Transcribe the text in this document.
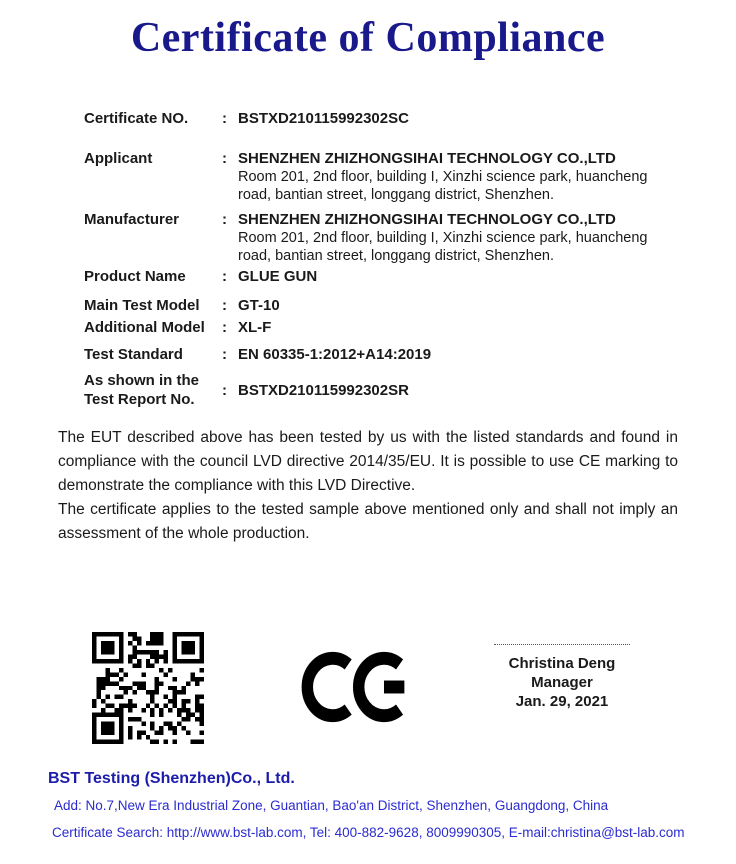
Certificate of Compliance
Certificate NO.	: BSTXD210115992302SC
Applicant	: SHENZHEN ZHIZHONGSIHAI TECHNOLOGY CO.,LTD
Room 201, 2nd floor, building I, Xinzhi science park, huancheng road, bantian street, longgang district, Shenzhen.
Manufacturer	: SHENZHEN ZHIZHONGSIHAI TECHNOLOGY CO.,LTD
Room 201, 2nd floor, building I, Xinzhi science park, huancheng road, bantian street, longgang district, Shenzhen.
Product Name	: GLUE GUN
Main Test Model	: GT-10
Additional Model	: XL-F
Test Standard	: EN 60335-1:2012+A14:2019
As shown in the Test Report No.
: BSTXD210115992302SR

The EUT described above has been tested by us with the listed standards and found in compliance with the council LVD directive 2014/35/EU. It is possible to use CE marking to demonstrate the compliance with this LVD Directive.

The certificate applies to the tested sample above mentioned only and shall not imply an assessment of the whole production.

Christina Deng
Manager
Jan. 29, 2021
BST Testing (Shenzhen)Co., Ltd.
Add: No.7,New Era Industrial Zone, Guantian, Bao'an District, Shenzhen, Guangdong, China
Certificate Search: http://www.bst-lab.com, Tel: 400-882-9628, 8009990305, E-mail:christina@bst-lab.com
